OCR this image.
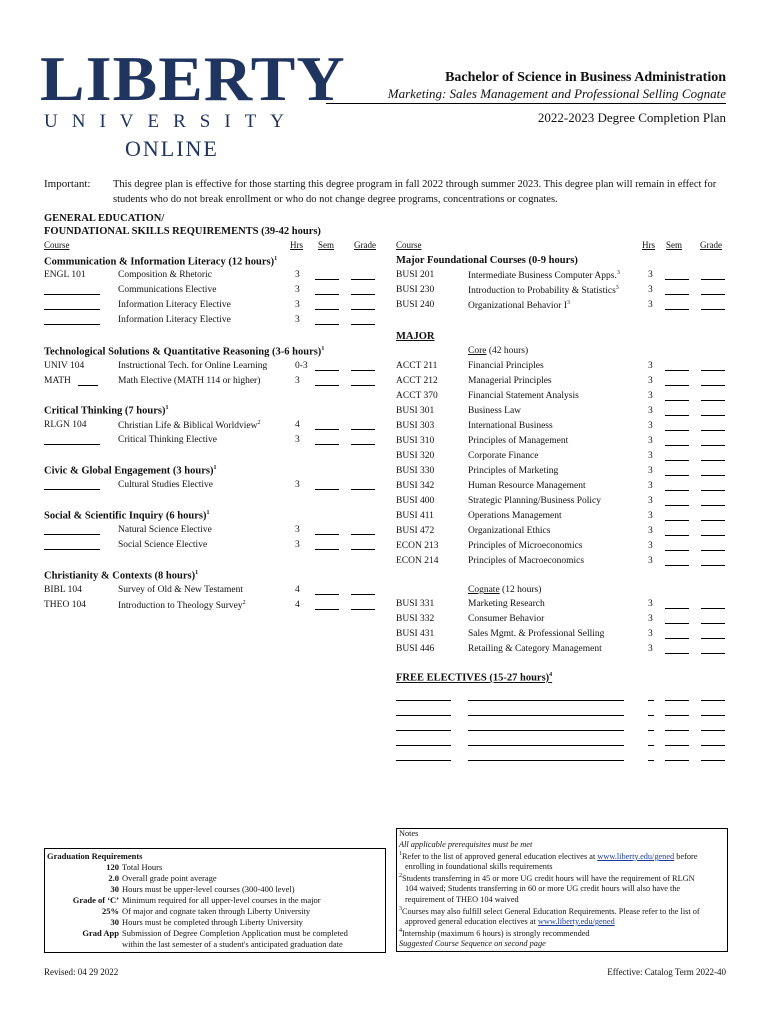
LIBERTY
UNIVERSITY
ONLINE
Bachelor of Science in Business Administration
Marketing: Sales Management and Professional Selling Cognate
2022-2023 Degree Completion Plan
Important: This degree plan is effective for those starting this degree program in fall 2022 through summer 2023. This degree plan will remain in effect for students who do not break enrollment or who do not change degree programs, concentrations or cognates.
GENERAL EDUCATION/
FOUNDATIONAL SKILLS REQUIREMENTS (39-42 hours)
Course	Hrs Sem Grade
Communication & Information Literacy (12 hours)$^1$
ENGL 101	Composition & Rhetoric	3
Communications Elective	3
Information Literacy Elective	3
Information Literacy Elective	3
Technological Solutions & Quantitative Reasoning (3-6 hours)$^1$
UNIV 104	Instructional Tech. for Online Learning	0-3
MATH	Math Elective (MATH 114 or higher)	3
Critical Thinking (7 hours)$^1$
RLGN 104	Christian Life & Biblical Worldview$^2$	4
Critical Thinking Elective	3
Civic & Global Engagement (3 hours)$^1$
Cultural Studies Elective	3
Social & Scientific Inquiry (6 hours)$^1$
Natural Science Elective	3
Social Science Elective	3
Christianity & Contexts (8 hours)$^1$
BIBL 104	Survey of Old & New Testament	4
THEO 104	Introduction to Theology Survey$^2$	4
Course	Hrs Sem Grade
Major Foundational Courses (0-9 hours)
MAJOR
Core (42 hours)
Cognate (12 hours)
FREE ELECTIVES (15-27 hours)$^4$
BUSI 201	Intermediate Business Computer Apps.$^3$	3
BUSI 230	Introduction to Probability & Statistics$^3$	3
BUSI 240	Organizational Behavior $I^3$	3
ACCT 211	Financial Principles	3
ACCT 212	Managerial Principles	3
ACCT 370	Financial Statement Analysis	3
BUSI 301	Business Law	3
BUSI 303	International Business	3
BUSI 310	Principles of Management	3
BUSI 320	Corporate Finance	3
BUSI 330	Principles of Marketing	3
BUSI 342	Human Resource Management	3
BUSI 400	Strategic Planning/Business Policy	3
BUSI 411	Operations Management	3
BUSI 472	Organizational Ethics	3
ECON 213	Principles of Microeconomics	3
ECON 214	Principles of Macroeconomics	3
BUSI 331	Marketing Research	3
BUSI 332	Consumer Behavior	3
BUSI 431	Sales Mgmt. & Professional Selling	3
BUSI 446	Retailing & Category Management	3
Notes
All applicable prerequisites must be met
$^1$Refer to the list of approved general education electives at www.liberty.edu/gened before
enrolling in foundational skills requirements
$^2$Students transferring in 45 or more UG credit hours will have the requirement of RLGN
104 waived; Students transferring in 60 or more UG credit hours will also have the
requirement of THEO 104 waived
$^3$Courses may also fulfill select General Education Requirements. Please refer to the list of
approved general education electives at www.liberty.edu/gened
$^4$Internship (maximum 6 hours) is strongly recommended
Suggested Course Sequence on second page
Graduation Requirements
120 Total Hours
2.0 Overall grade point average
30 Hours must be upper-level courses (300-400 level)
Grade of ‘C’ Minimum required for all upper-level courses in the major
25% Of major and cognate taken through Liberty University
30 Hours must be completed through Liberty University
Grad App Submission of Degree Completion Application must be completed
within the last semester of a student's anticipated graduation date
Revised: 04 29 2022	Effective: Catalog Term 2022-40
